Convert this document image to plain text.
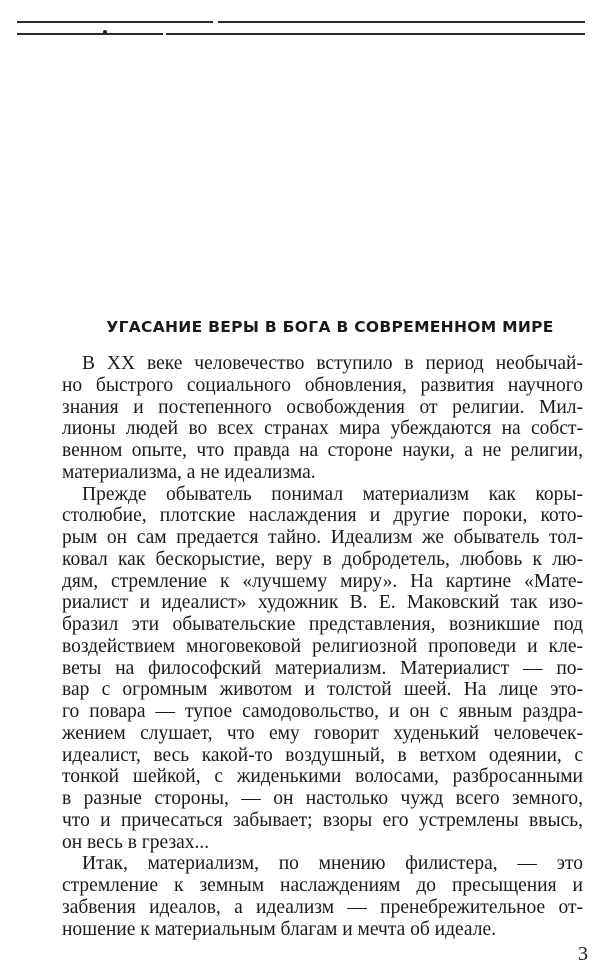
УГАСАНИЕ ВЕРЫ В БОГА В СОВРЕМЕННОМ МИРЕ
В XX веке человечество вступило в период необычай-
но быстрого социального обновления, развития научного
знания и постепенного освобождения от религии. Мил-
лионы людей во всех странах мира убеждаются на собст-
венном опыте, что правда на стороне науки, а не религии,
материализма, а не идеализма.
Прежде обыватель понимал материализм как коры-
столюбие, плотские наслаждения и другие пороки, кото-
рым он сам предается тайно. Идеализм же обыватель тол-
ковал как бескорыстие, веру в добродетель, любовь к лю-
дям, стремление к «лучшему миру». На картине «Мате-
риалист и идеалист» художник В. Е. Маковский так изо-
бразил эти обывательские представления, возникшие под
воздействием многовековой религиозной проповеди и кле-
веты на философский материализм. Материалист — по-
вар с огромным животом и толстой шеей. На лице это-
го повара — тупое самодовольство, и он с явным раздра-
жением слушает, что ему говорит худенький человечек-
идеалист, весь какой-то воздушный, в ветхом одеянии, с
тонкой шейкой, с жиденькими волосами, разбросанными
в разные стороны, — он настолько чужд всего земного,
что и причесаться забывает; взоры его устремлены ввысь,
он весь в грезах...
Итак, материализм, по мнению филистера, — это
стремление к земным наслаждениям до пресыщения и
забвения идеалов, а идеализм — пренебрежительное от-
ношение к материальным благам и мечта об идеале.
3
